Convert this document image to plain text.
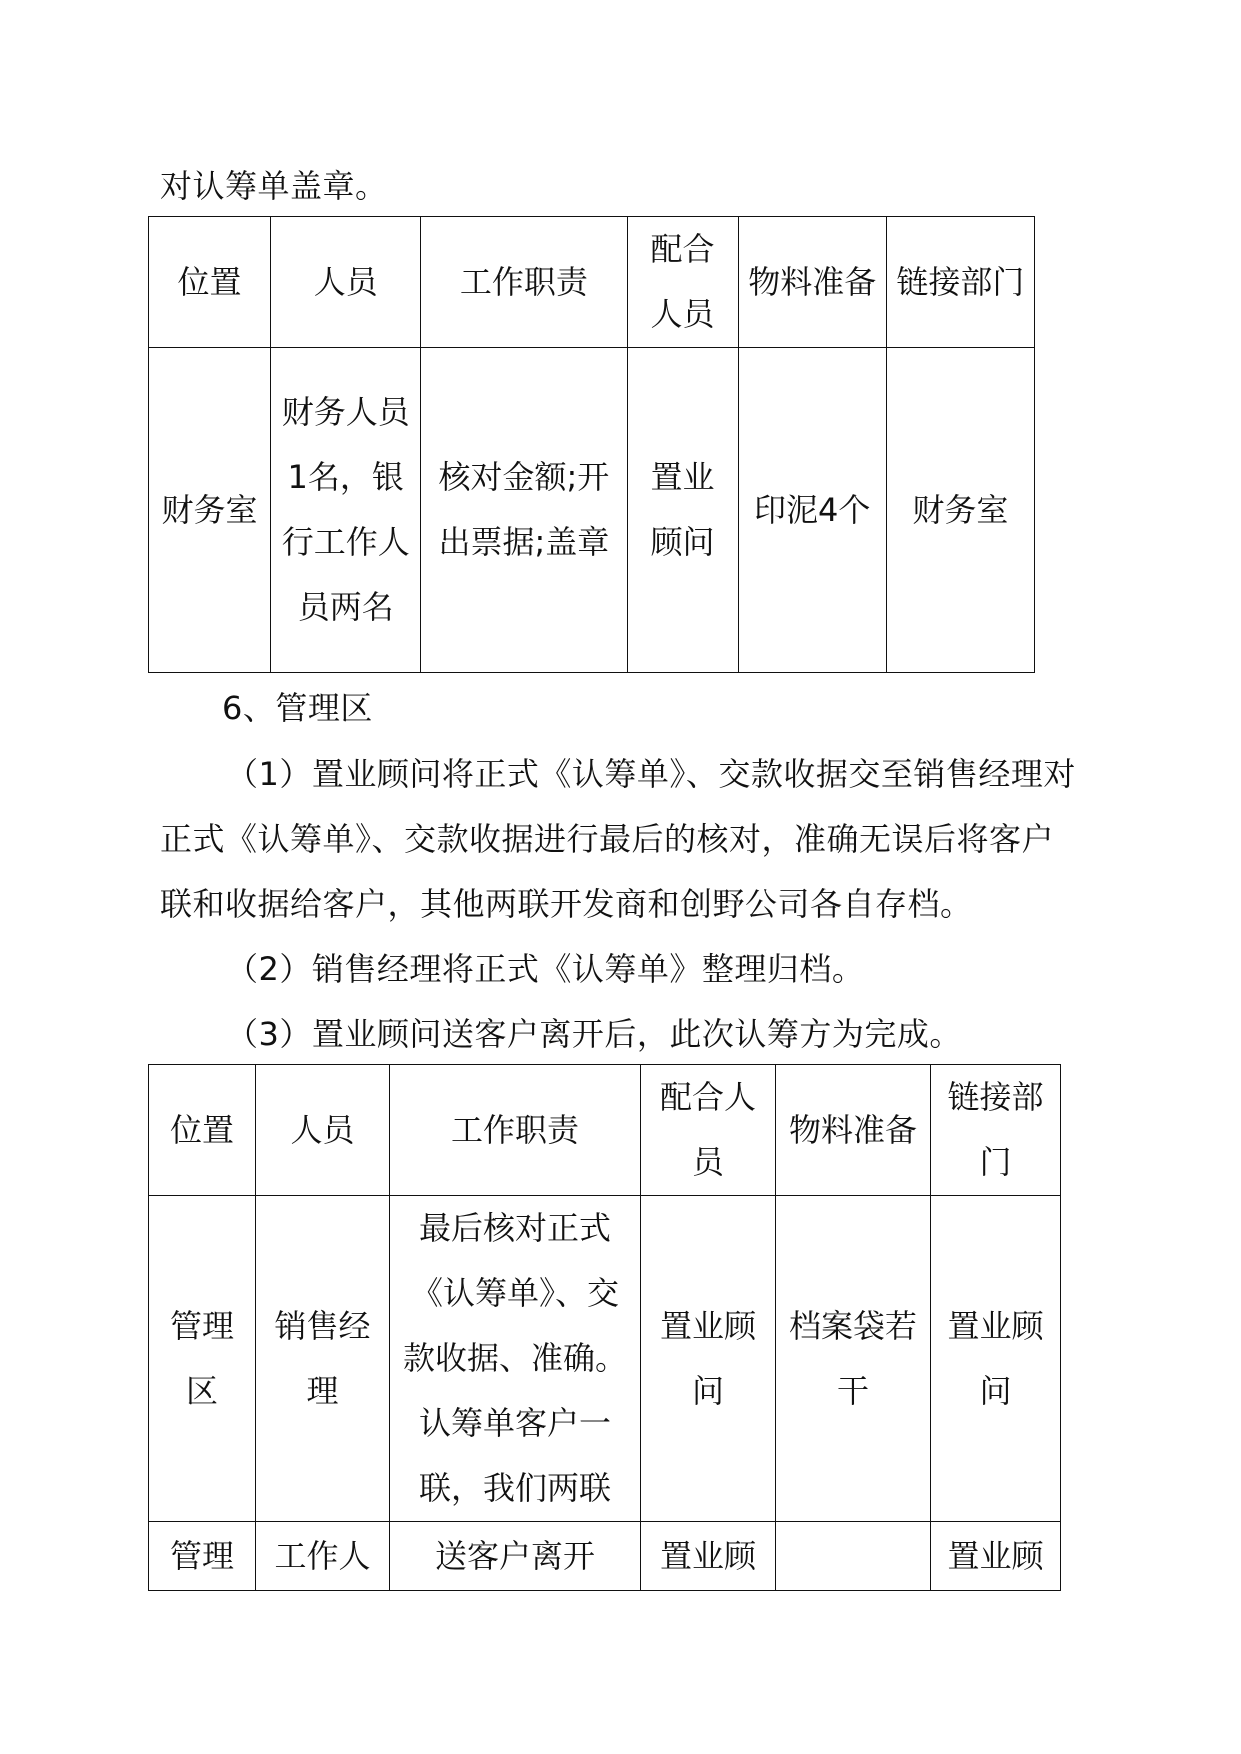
对认筹单盖章。
位置	人员	工作职责	配合人员	物料准备	链接部门
财务室	财务人员1名，银行工作人员两名	核对金额;开出票据;盖章	置业顾问	印泥4个	财务室
6、管理区
（1）置业顾问将正式《认筹单》、交款收据交至销售经理对
正式《认筹单》、交款收据进行最后的核对，准确无误后将客户
联和收据给客户，其他两联开发商和创野公司各自存档。
（2）销售经理将正式《认筹单》整理归档。
（3）置业顾问送客户离开后，此次认筹方为完成。
位置	人员	工作职责	配合人员	物料准备	链接部门
管理区	销售经理	最后核对正式《认筹单》、交款收据、准确。认筹单客户一联，我们两联	置业顾问	档案袋若干	置业顾问
管理	工作人	送客户离开	置业顾		置业顾
